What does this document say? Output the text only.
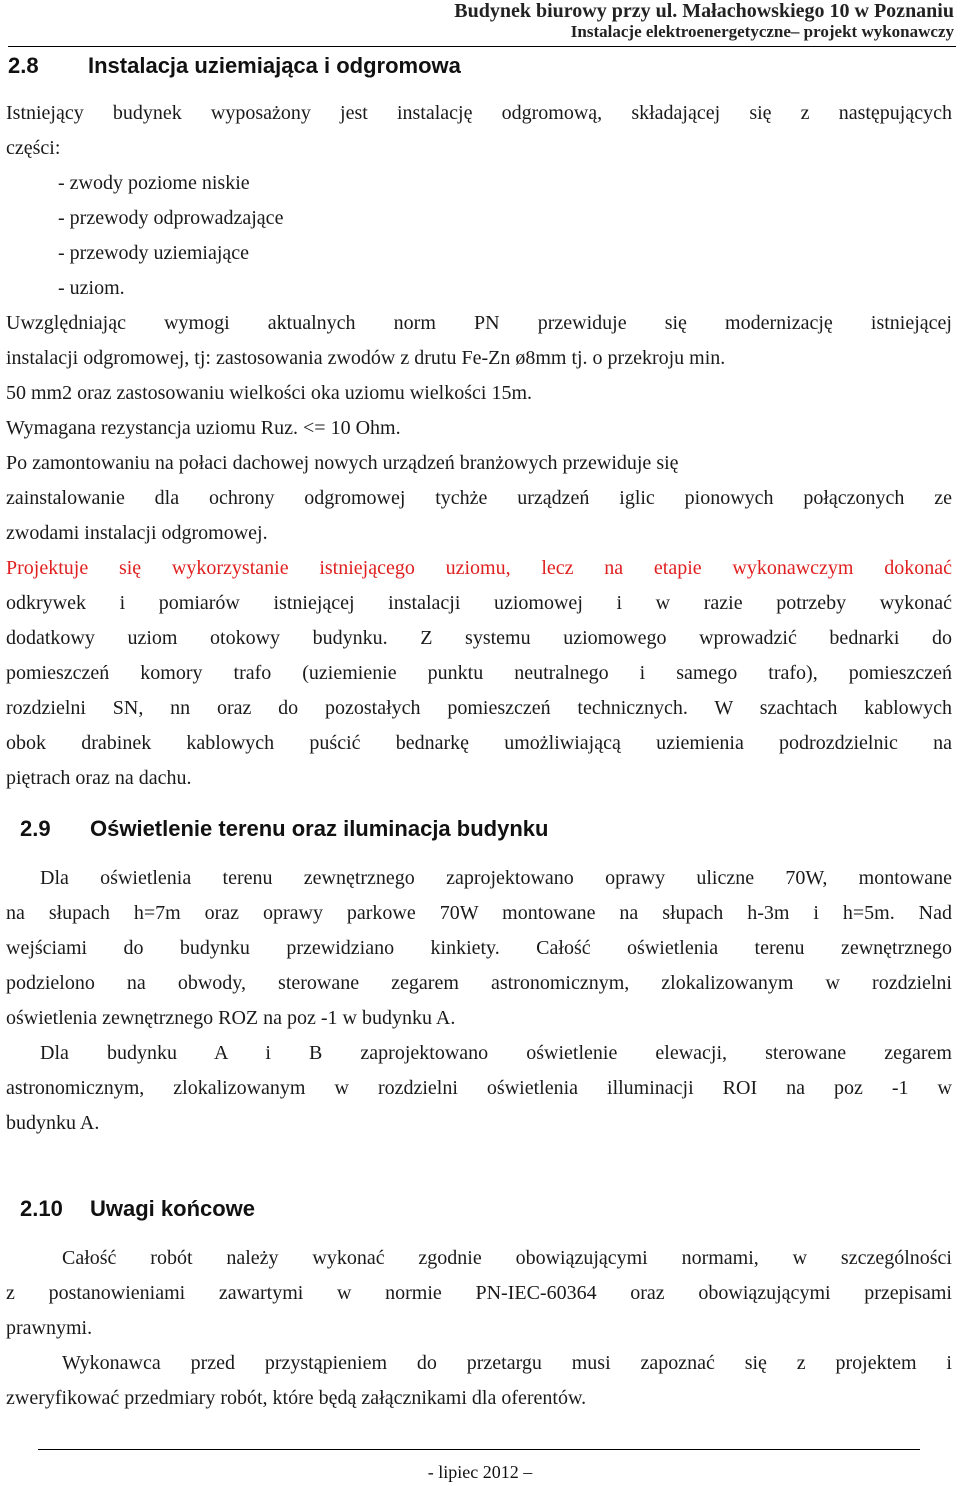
Budynek biurowy przy ul. Małachowskiego 10 w Poznaniu
Instalacje elektroenergetyczne– projekt wykonawczy
2.8 Instalacja uziemiająca i odgromowa
Istniejący budynek wyposażony jest instalację odgromową, składającej się z następujących
części:
- zwody poziome niskie
- przewody odprowadzające
- przewody uziemiające
- uziom.
Uwzględniając wymogi aktualnych norm PN przewiduje się modernizację istniejącej
instalacji odgromowej, tj: zastosowania zwodów z drutu Fe-Zn ø8mm tj. o przekroju min.
50 mm2 oraz zastosowaniu wielkości oka uziomu wielkości 15m.
Wymagana rezystancja uziomu Ruz. <= 10 Ohm.
Po zamontowaniu na połaci dachowej nowych urządzeń branżowych przewiduje się
zainstalowanie dla ochrony odgromowej tychże urządzeń iglic pionowych połączonych ze
zwodami instalacji odgromowej.
Projektuje się wykorzystanie istniejącego uziomu, lecz na etapie wykonawczym dokonać
odkrywek i pomiarów istniejącej instalacji uziomowej i w razie potrzeby wykonać
dodatkowy uziom otokowy budynku. Z systemu uziomowego wprowadzić bednarki do
pomieszczeń komory trafo (uziemienie punktu neutralnego i samego trafo), pomieszczeń
rozdzielni SN, nn oraz do pozostałych pomieszczeń technicznych. W szachtach kablowych
obok drabinek kablowych puścić bednarkę umożliwiającą uziemienia podrozdzielnic na
piętrach oraz na dachu.
2.9 Oświetlenie terenu oraz iluminacja budynku
Dla oświetlenia terenu zewnętrznego zaprojektowano oprawy uliczne 70W, montowane
na słupach h=7m oraz oprawy parkowe 70W montowane na słupach h-3m i h=5m. Nad
wejściami do budynku przewidziano kinkiety. Całość oświetlenia terenu zewnętrznego
podzielono na obwody, sterowane zegarem astronomicznym, zlokalizowanym w rozdzielni
oświetlenia zewnętrznego ROZ na poz -1 w budynku A.
Dla budynku A i B zaprojektowano oświetlenie elewacji, sterowane zegarem
astronomicznym, zlokalizowanym w rozdzielni oświetlenia illuminacji ROI na poz -1 w
budynku A.
2.10 Uwagi końcowe
Całość robót należy wykonać zgodnie obowiązującymi normami, w szczególności
z postanowieniami zawartymi w normie PN-IEC-60364 oraz obowiązującymi przepisami
prawnymi.
Wykonawca przed przystąpieniem do przetargu musi zapoznać się z projektem i
zweryfikować przedmiary robót, które będą załącznikami dla oferentów.
- lipiec 2012 –
